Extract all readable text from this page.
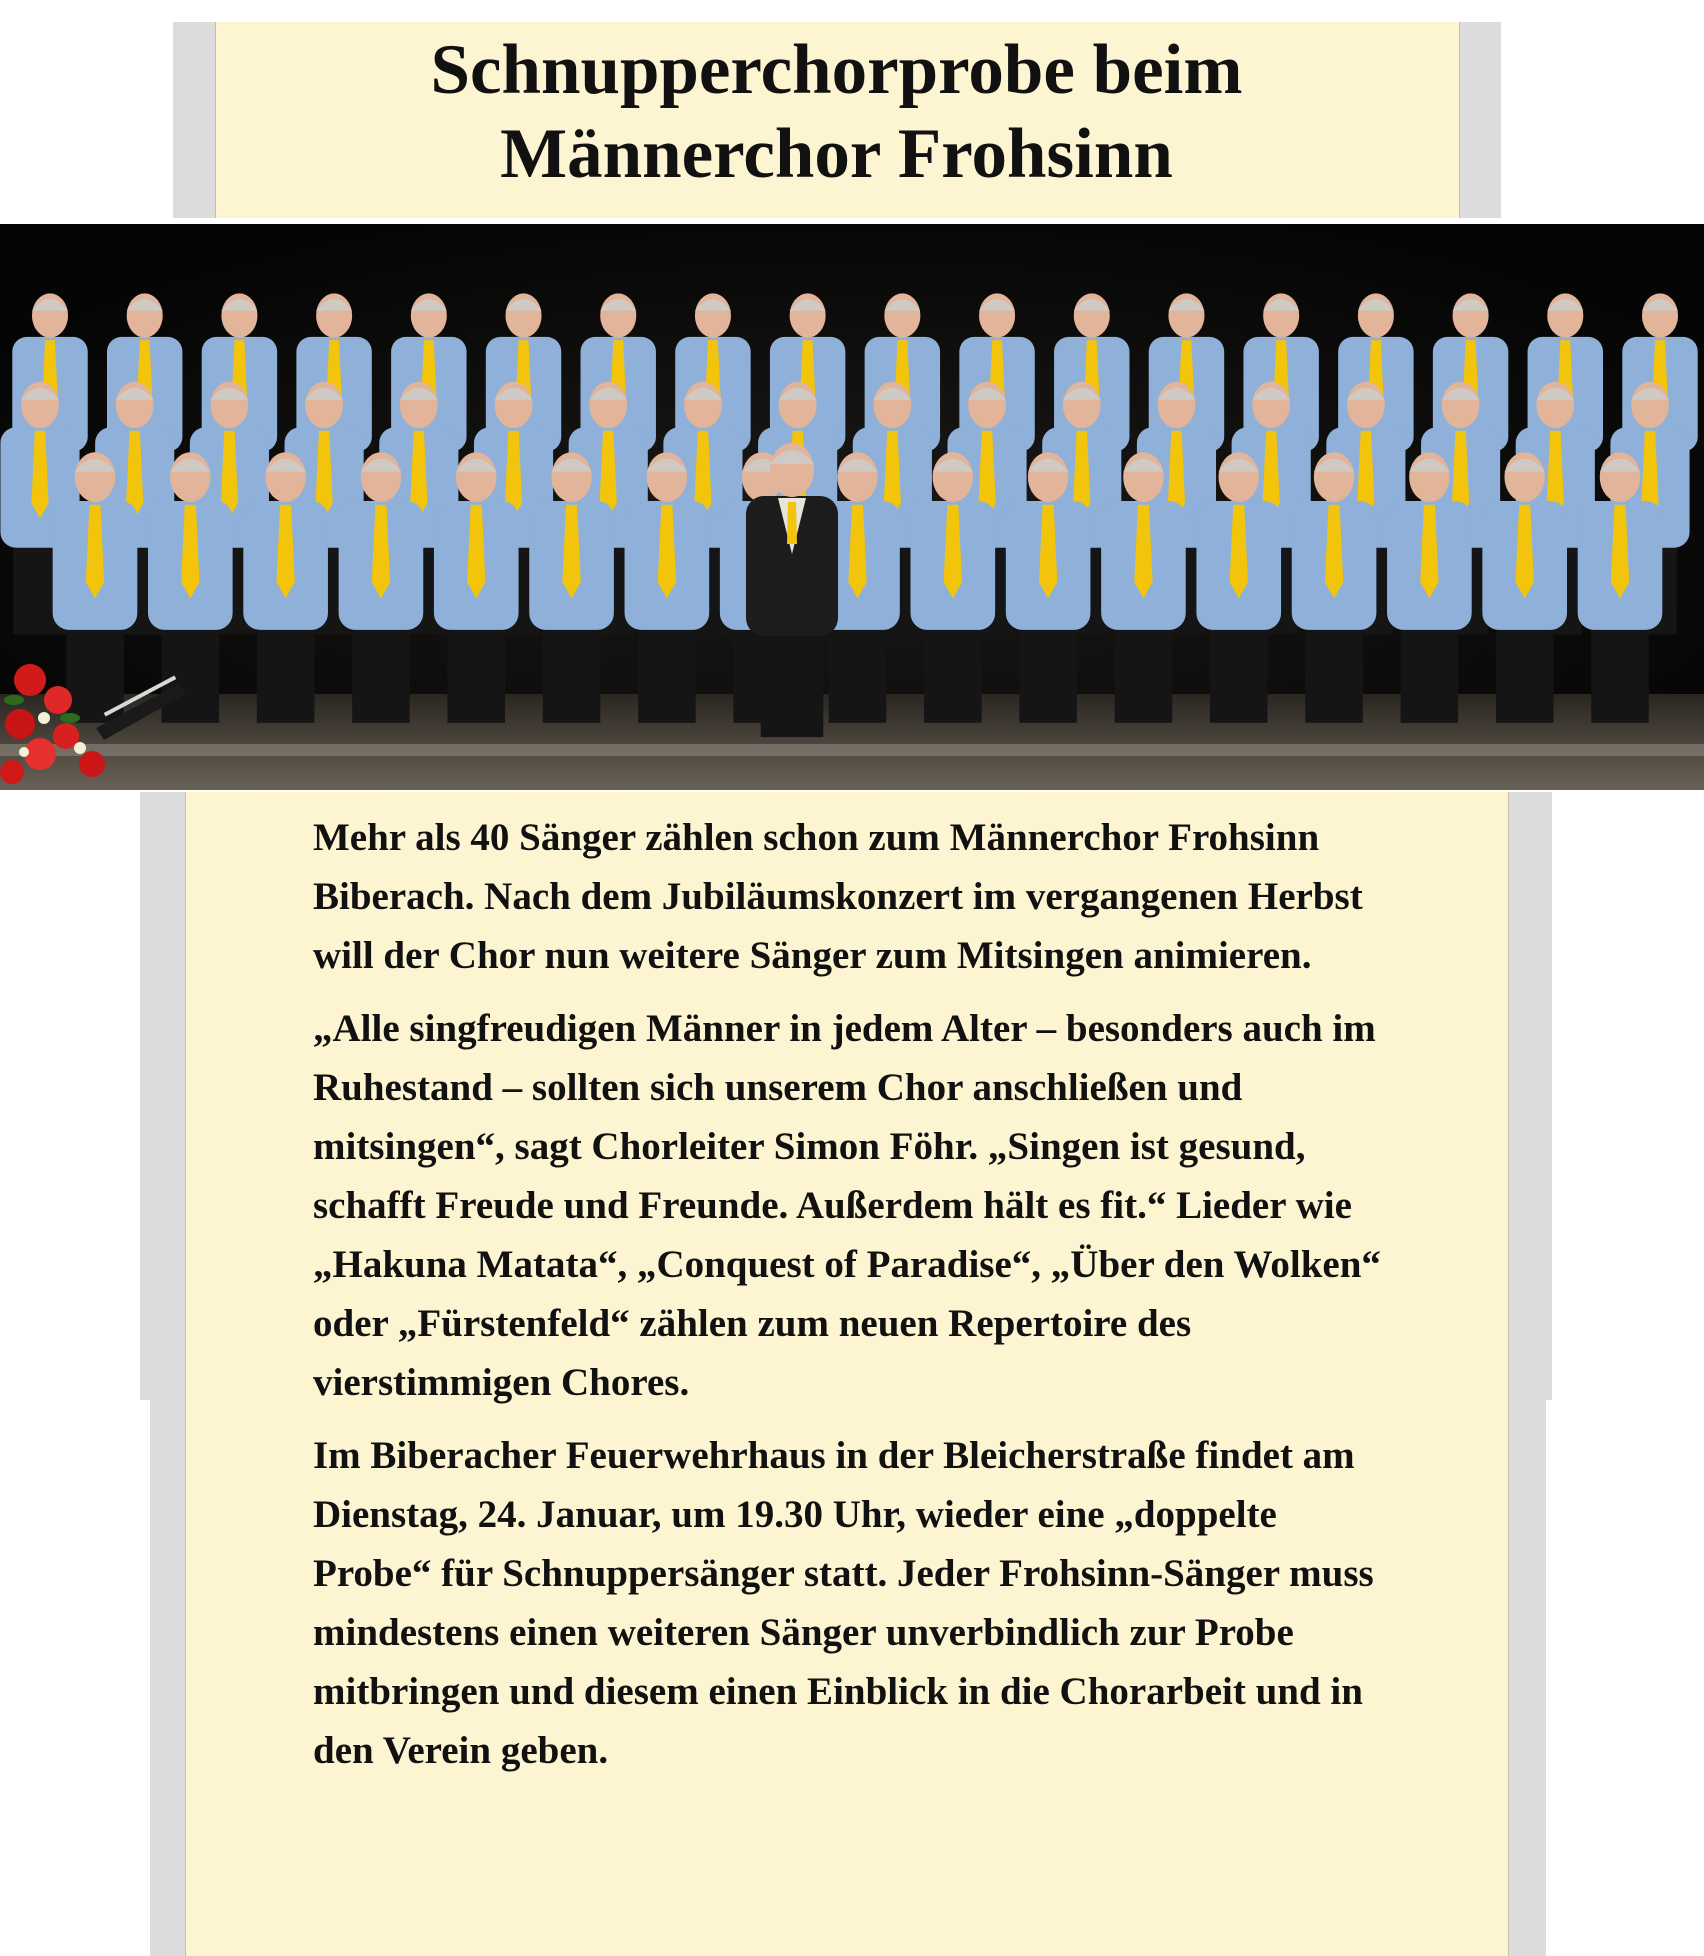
Schnupperchorprobe beim
Männerchor Frohsinn

Mehr als 40 Sänger zählen schon zum Männerchor Frohsinn Biberach. Nach dem Jubiläumskonzert im vergangenen Herbst will der Chor nun weitere Sänger zum Mitsingen animieren.

„Alle singfreudigen Männer in jedem Alter – besonders auch im Ruhestand – sollten sich unserem Chor anschließen und mitsingen“, sagt Chorleiter Simon Föhr. „Singen ist gesund, schafft Freude und Freunde. Außerdem hält es fit.“ Lieder wie „Hakuna Matata“, „Conquest of Paradise“, „Über den Wolken“ oder „Fürstenfeld“ zählen zum neuen Repertoire des vierstimmigen Chores.

Im Biberacher Feuerwehrhaus in der Bleicherstraße findet am Dienstag, 24. Januar, um 19.30 Uhr, wieder eine „doppelte Probe“ für Schnuppersänger statt. Jeder Frohsinn-Sänger muss mindestens einen weiteren Sänger unverbindlich zur Probe mitbringen und diesem einen Einblick in die Chorarbeit und in den Verein geben.
